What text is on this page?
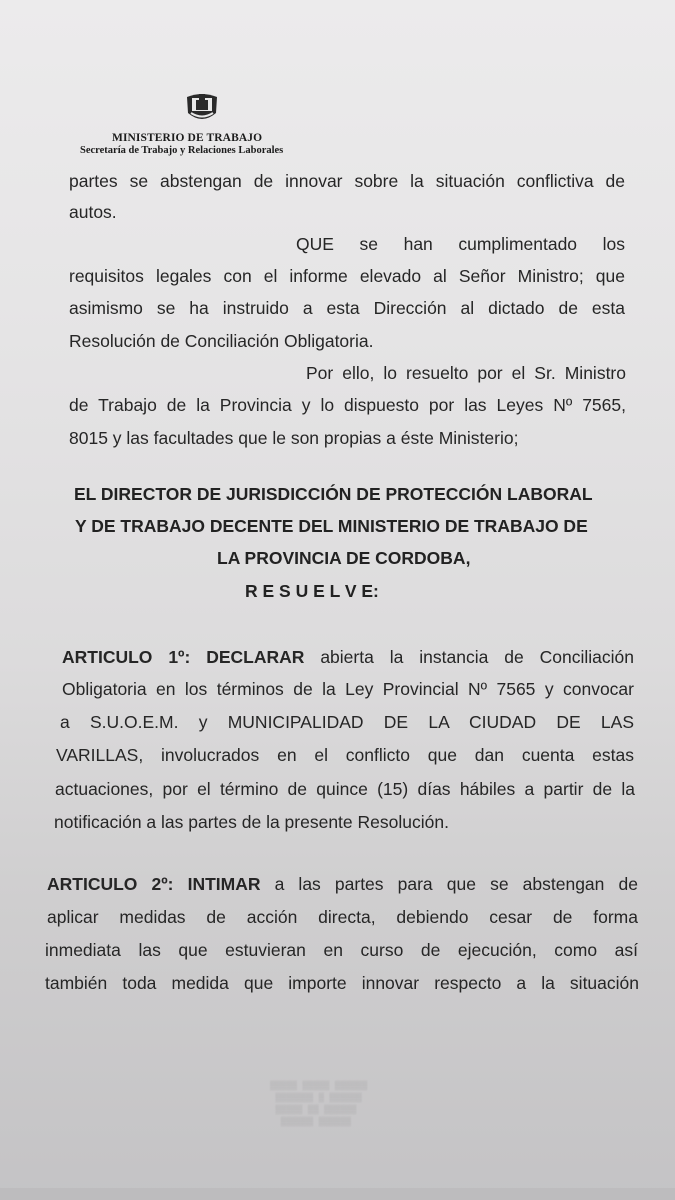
MINISTERIO DE TRABAJO
Secretaría de Trabajo y Relaciones Laborales
partes se abstengan de innovar sobre la situación conflictiva de
autos.
QUE se han cumplimentado los
requisitos legales con el informe elevado al Señor Ministro; que
asimismo se ha instruido a esta Dirección al dictado de esta
Resolución de Conciliación Obligatoria.
Por ello, lo resuelto por el Sr. Ministro
de Trabajo de la Provincia y lo dispuesto por las Leyes Nº 7565,
8015 y las facultades que le son propias a éste Ministerio;
EL DIRECTOR DE JURISDICCIÓN DE PROTECCIÓN LABORAL
Y DE TRABAJO DECENTE DEL MINISTERIO DE TRABAJO DE
LA PROVINCIA DE CORDOBA,
R E S U E L V E:
ARTICULO 1º: DECLARAR abierta la instancia de Conciliación
Obligatoria en los términos de la Ley Provincial Nº 7565 y convocar
a S.U.O.E.M. y MUNICIPALIDAD DE LA CIUDAD DE LAS
VARILLAS, involucrados en el conflicto que dan cuenta estas
actuaciones, por el término de quince (15) días hábiles a partir de la
notificación a las partes de la presente Resolución.
ARTICULO 2º: INTIMAR a las partes para que se abstengan de
aplicar medidas de acción directa, debiendo cesar de forma
inmediata las que estuvieran en curso de ejecución, como así
también toda medida que importe innovar respecto a la situación
▒▒▒▒▒ ▒▒▒▒▒ ▒▒▒▒▒▒
▒▒▒▒▒▒▒ ▒ ▒▒▒▒▒▒
▒▒▒▒▒ ▒▒ ▒▒▒▒▒▒
▒▒▒▒▒▒ ▒▒▒▒▒▒
